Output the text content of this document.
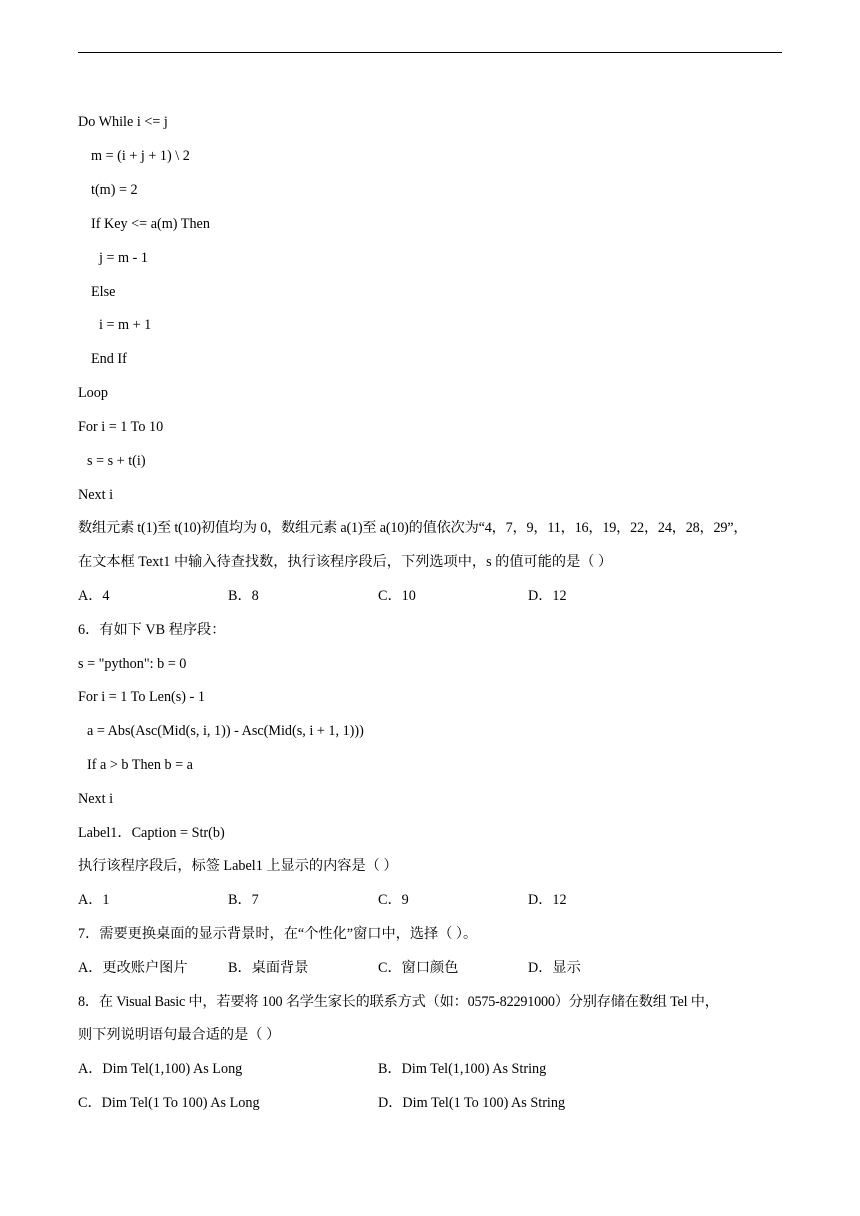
Do While i <= j
m = (i + j + 1) \ 2
t(m) = 2
If Key <= a(m) Then
j = m - 1
Else
i = m + 1
End If
Loop
For i = 1 To 10
s = s + t(i)
Next i
数组元素 t(1)至 t(10)初值均为 0，数组元素 a(1)至 a(10)的值依次为“4，7，9，11，16，19，22，24，28，29”，
在文本框 Text1 中输入待查找数，执行该程序段后，下列选项中，s 的值可能的是（ ）
A．4	B．8	C．10	D．12
6．有如下 VB 程序段：
s = "python": b = 0
For i = 1 To Len(s) - 1
a = Abs(Asc(Mid(s, i, 1)) - Asc(Mid(s, i + 1, 1)))
If a > b Then b = a
Next i
Label1．Caption = Str(b)
执行该程序段后，标签 Label1 上显示的内容是（ ）
A．1	B．7	C．9	D．12
7．需要更换桌面的显示背景时，在“个性化”窗口中，选择（ ）。
A．更改账户图片	B．桌面背景	C．窗口颜色	D．显示
8．在 Visual Basic 中，若要将 100 名学生家长的联系方式（如：0575-82291000）分别存储在数组 Tel 中，
则下列说明语句最合适的是（ ）
A．Dim Tel(1,100) As Long	B．Dim Tel(1,100) As String
C．Dim Tel(1 To 100) As Long	D．Dim Tel(1 To 100) As String
